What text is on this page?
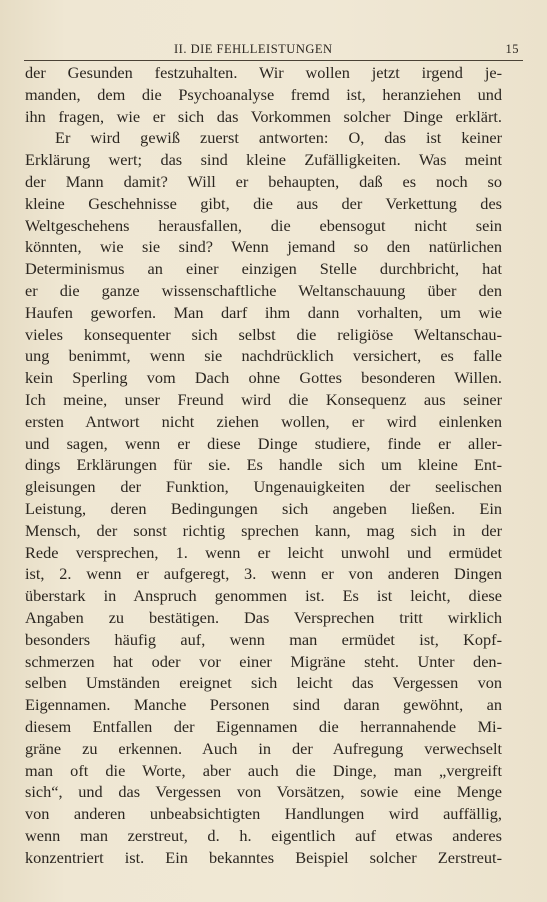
II. DIE FEHLLEISTUNGEN	15
der Gesunden festzuhalten. Wir wollen jetzt irgend je-
manden, dem die Psychoanalyse fremd ist, heranziehen und
ihn fragen, wie er sich das Vorkommen solcher Dinge erklärt.
Er wird gewiß zuerst antworten: O, das ist keiner
Erklärung wert; das sind kleine Zufälligkeiten. Was meint
der Mann damit? Will er behaupten, daß es noch so
kleine Geschehnisse gibt, die aus der Verkettung des
Weltgeschehens herausfallen, die ebensogut nicht sein
könnten, wie sie sind? Wenn jemand so den natürlichen
Determinismus an einer einzigen Stelle durchbricht, hat
er die ganze wissenschaftliche Weltanschauung über den
Haufen geworfen. Man darf ihm dann vorhalten, um wie
vieles konsequenter sich selbst die religiöse Weltanschau-
ung benimmt, wenn sie nachdrücklich versichert, es falle
kein Sperling vom Dach ohne Gottes besonderen Willen.
Ich meine, unser Freund wird die Konsequenz aus seiner
ersten Antwort nicht ziehen wollen, er wird einlenken
und sagen, wenn er diese Dinge studiere, finde er aller-
dings Erklärungen für sie. Es handle sich um kleine Ent-
gleisungen der Funktion, Ungenauigkeiten der seelischen
Leistung, deren Bedingungen sich angeben ließen. Ein
Mensch, der sonst richtig sprechen kann, mag sich in der
Rede versprechen, 1. wenn er leicht unwohl und ermüdet
ist, 2. wenn er aufgeregt, 3. wenn er von anderen Dingen
überstark in Anspruch genommen ist. Es ist leicht, diese
Angaben zu bestätigen. Das Versprechen tritt wirklich
besonders häufig auf, wenn man ermüdet ist, Kopf-
schmerzen hat oder vor einer Migräne steht. Unter den-
selben Umständen ereignet sich leicht das Vergessen von
Eigennamen. Manche Personen sind daran gewöhnt, an
diesem Entfallen der Eigennamen die herrannahende Mi-
gräne zu erkennen. Auch in der Aufregung verwechselt
man oft die Worte, aber auch die Dinge, man „vergreift
sich“, und das Vergessen von Vorsätzen, sowie eine Menge
von anderen unbeabsichtigten Handlungen wird auffällig,
wenn man zerstreut, d. h. eigentlich auf etwas anderes
konzentriert ist. Ein bekanntes Beispiel solcher Zerstreut-
